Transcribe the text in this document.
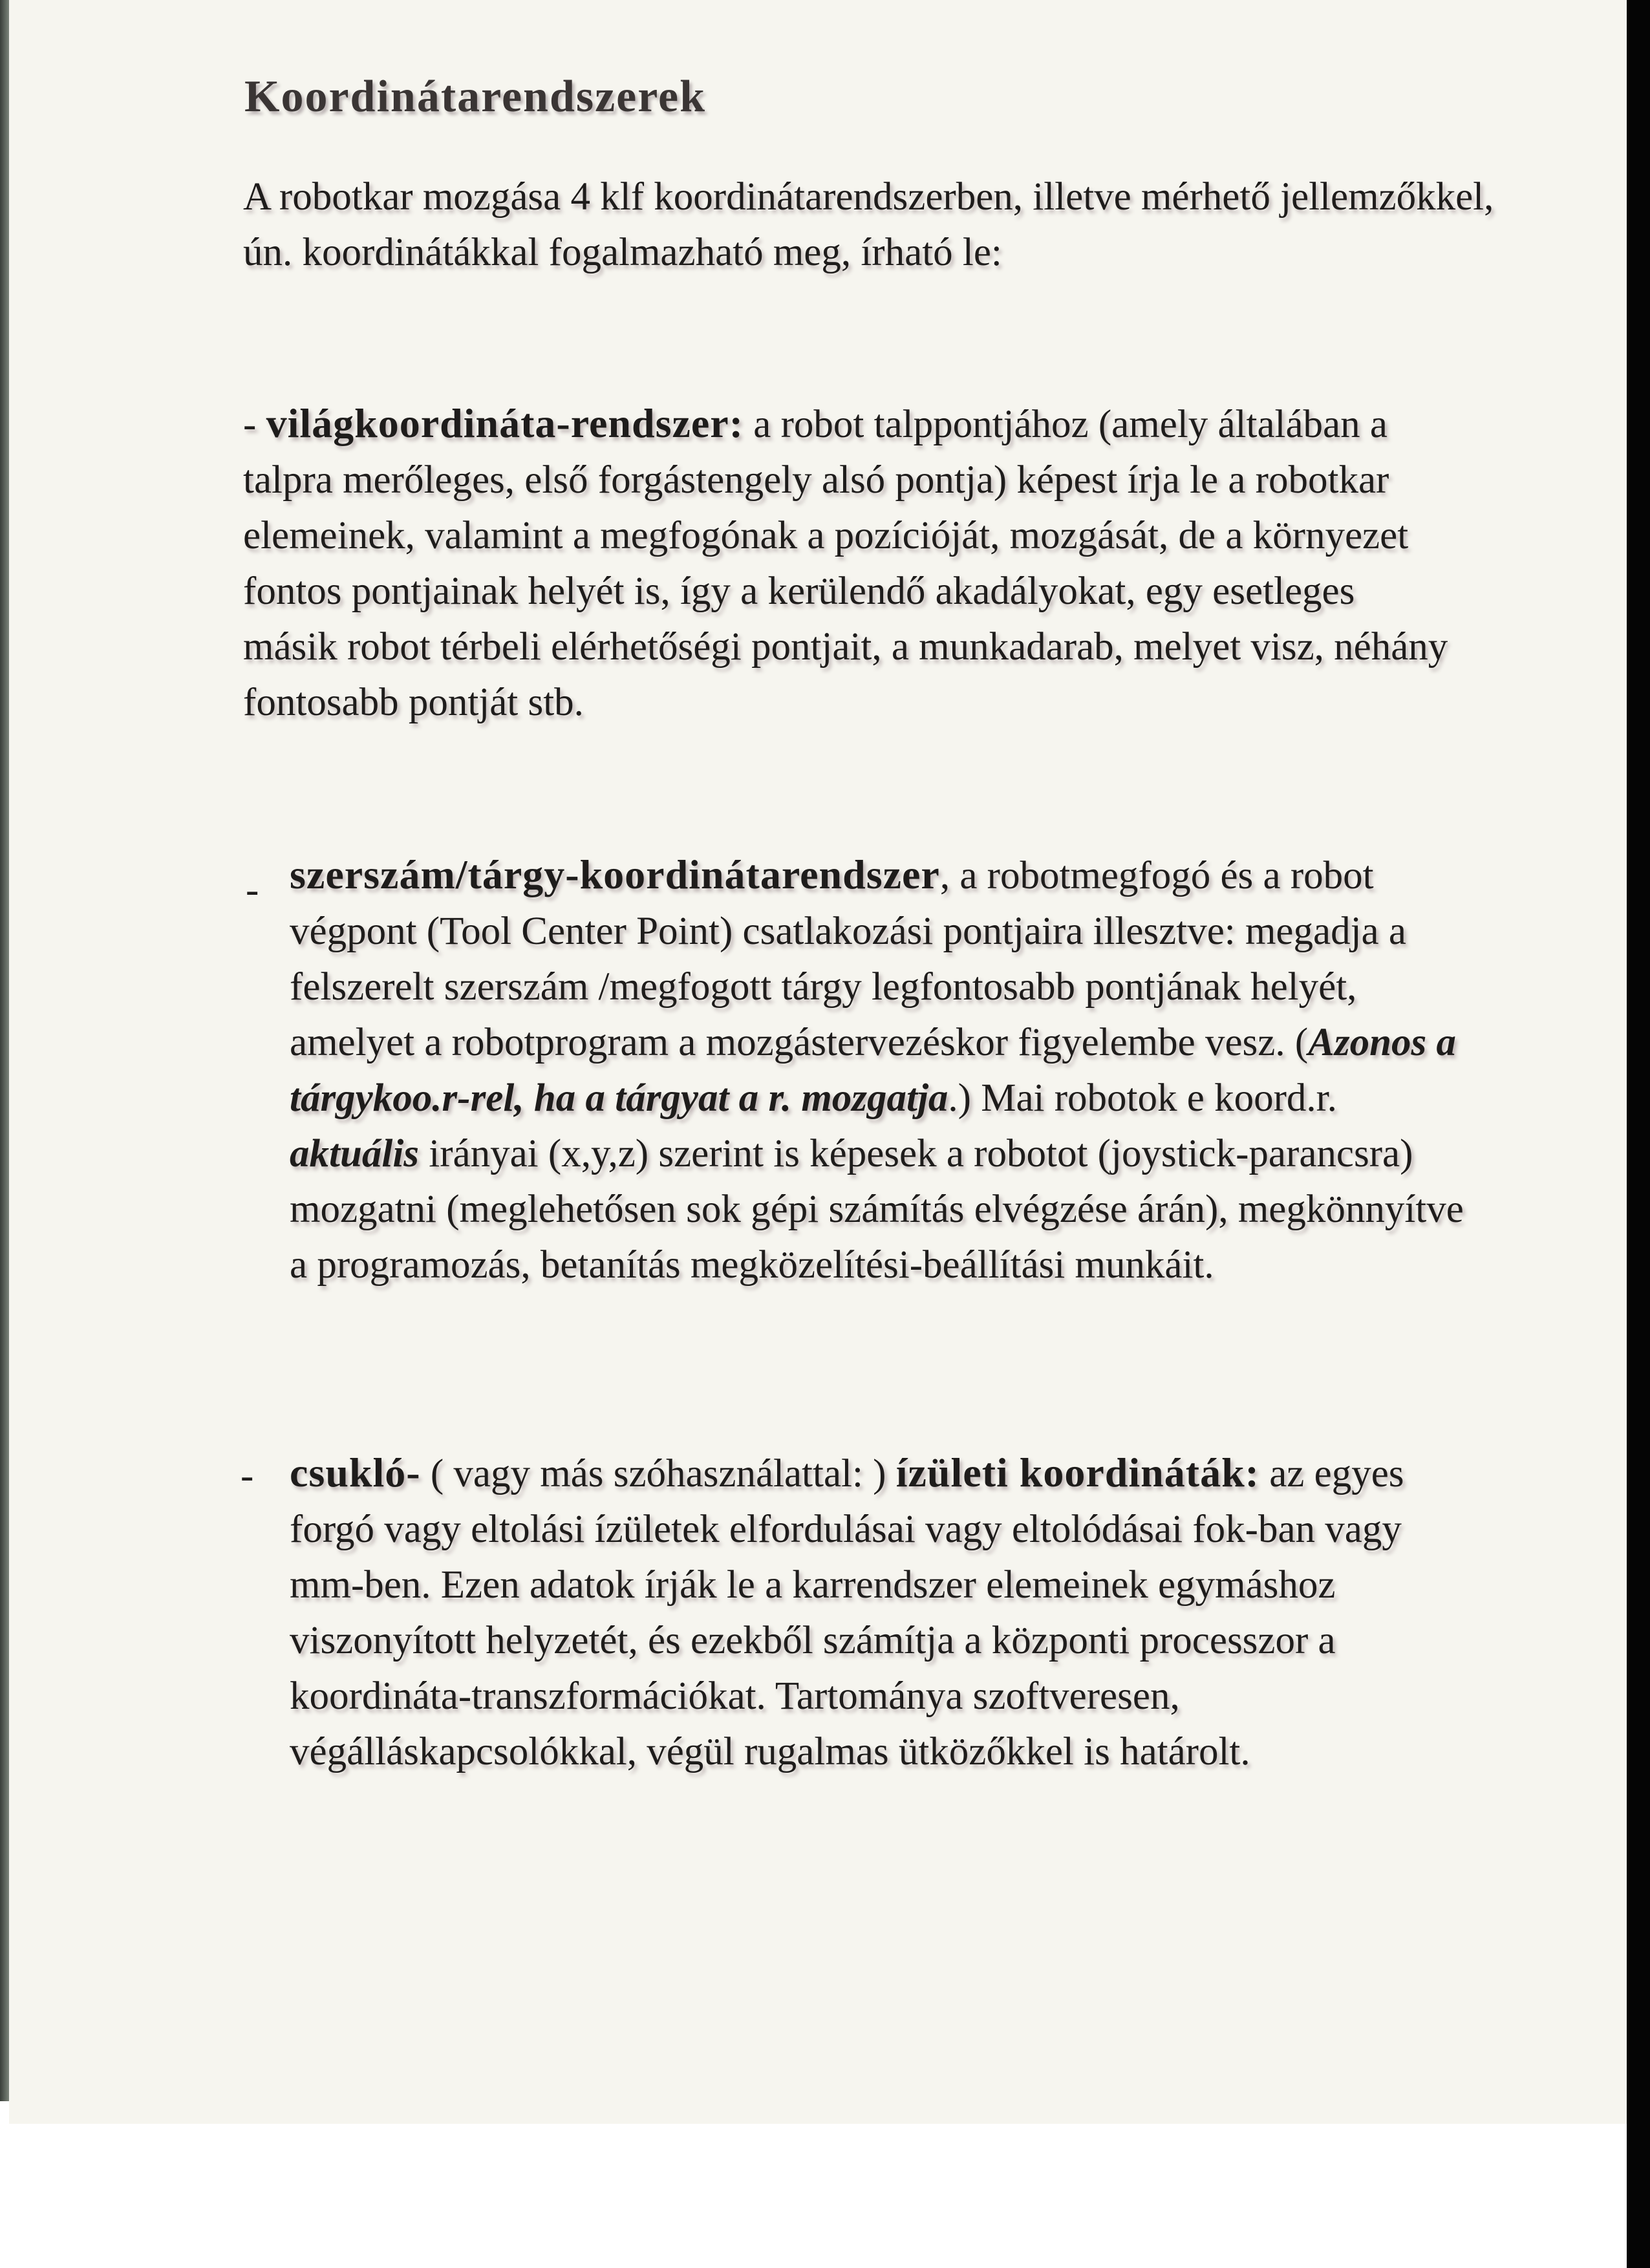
Koordinátarendszerek
A robotkar mozgása 4 klf koordinátarendszerben, illetve mérhető jellemzőkkel, ún. koordinátákkal fogalmazható meg, írható le:
- világkoordináta-rendszer: a robot talppontjához (amely általában a talpra merőleges, első forgástengely alsó pontja) képest írja le a robotkar elemeinek, valamint a megfogónak a pozícióját, mozgását, de a környezet fontos pontjainak helyét is, így a kerülendő akadályokat, egy esetleges másik robot térbeli elérhetőségi pontjait, a munkadarab, melyet visz, néhány fontosabb pontját stb.
- szerszám/tárgy-koordinátarendszer, a robotmegfogó és a robot végpont (Tool Center Point) csatlakozási pontjaira illesztve: megadja a felszerelt szerszám /megfogott tárgy legfontosabb pontjának helyét, amelyet a robotprogram a mozgástervezéskor figyelembe vesz. (Azonos a tárgykoo.r-rel, ha a tárgyat a r. mozgatja.) Mai robotok e koord.r. aktuális irányai (x,y,z) szerint is képesek a robotot (joystick-parancsra) mozgatni (meglehetősen sok gépi számítás elvégzése árán), megkönnyítve a programozás, betanítás megközelítési-beállítási munkáit.
- csukló- ( vagy más szóhasználattal: ) ízületi koordináták: az egyes forgó vagy eltolási ízületek elfordulásai vagy eltolódásai fok-ban vagy mm-ben. Ezen adatok írják le a karrendszer elemeinek egymáshoz viszonyított helyzetét, és ezekből számítja a központi processzor a koordináta-transzformációkat. Tartománya szoftveresen, végálláskapcsolókkal, végül rugalmas ütközőkkel is határolt.
